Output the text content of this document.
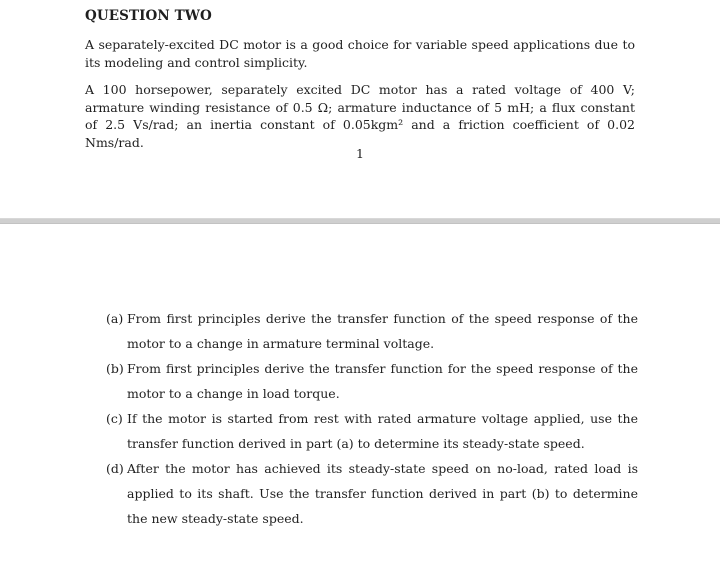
QUESTION TWO
A separately-excited DC motor is a good choice for variable speed applications due to its modeling and control simplicity.
A 100 horsepower, separately excited DC motor has a rated voltage of 400 V; armature winding resistance of 0.5 Ω; armature inductance of 5 mH; a flux constant of 2.5 Vs/rad; an inertia constant of 0.05kgm² and a friction coefficient of 0.02 Nms/rad.
1
(a) From first principles derive the transfer function of the speed response of the motor to a change in armature terminal voltage.
(b) From first principles derive the transfer function for the speed response of the motor to a change in load torque.
(c) If the motor is started from rest with rated armature voltage applied, use the transfer function derived in part (a) to determine its steady-state speed.
(d) After the motor has achieved its steady-state speed on no-load, rated load is applied to its shaft. Use the transfer function derived in part (b) to determine the new steady-state speed.
